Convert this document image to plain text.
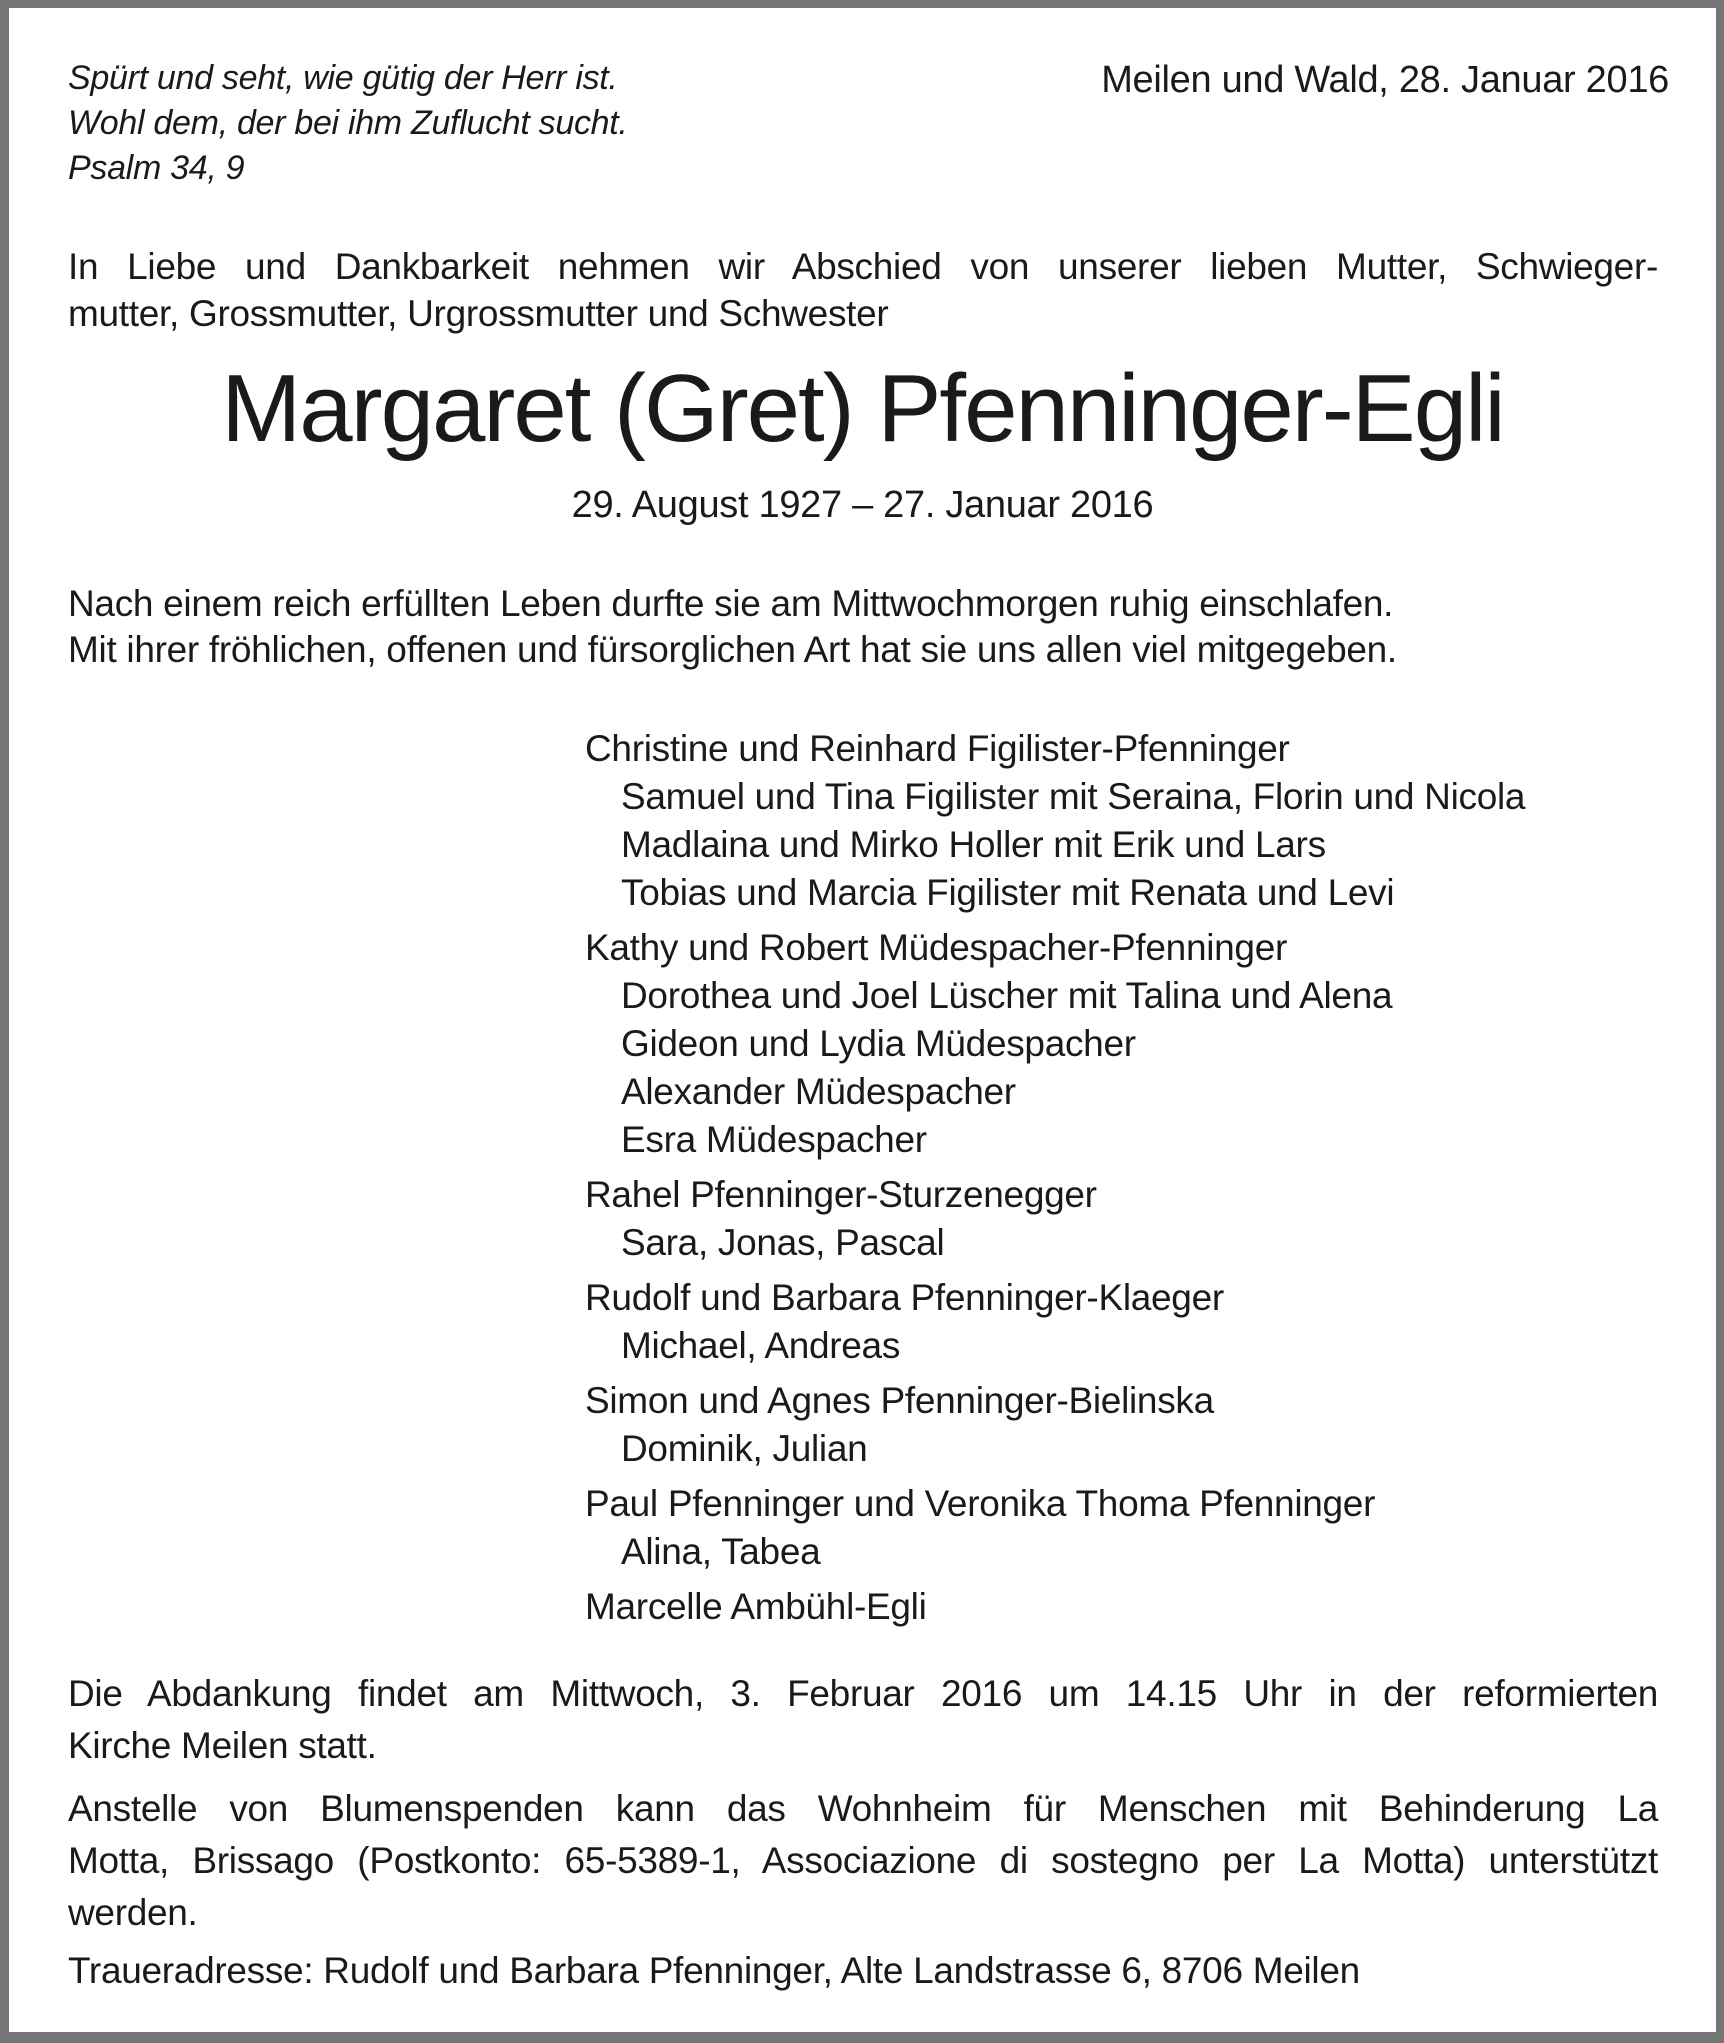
Spürt und seht, wie gütig der Herr ist.
Wohl dem, der bei ihm Zuflucht sucht.
Psalm 34, 9
Meilen und Wald, 28. Januar 2016
In Liebe und Dankbarkeit nehmen wir Abschied von unserer lieben Mutter, Schwieger-
mutter, Grossmutter, Urgrossmutter und Schwester
Margaret (Gret) Pfenninger-Egli
29. August 1927 – 27. Januar 2016
Nach einem reich erfüllten Leben durfte sie am Mittwochmorgen ruhig einschlafen.
Mit ihrer fröhlichen, offenen und fürsorglichen Art hat sie uns allen viel mitgegeben.
Christine und Reinhard Figilister-Pfenninger
Samuel und Tina Figilister mit Seraina, Florin und Nicola
Madlaina und Mirko Holler mit Erik und Lars
Tobias und Marcia Figilister mit Renata und Levi
Kathy und Robert Müdespacher-Pfenninger
Dorothea und Joel Lüscher mit Talina und Alena
Gideon und Lydia Müdespacher
Alexander Müdespacher
Esra Müdespacher
Rahel Pfenninger-Sturzenegger
Sara, Jonas, Pascal
Rudolf und Barbara Pfenninger-Klaeger
Michael, Andreas
Simon und Agnes Pfenninger-Bielinska
Dominik, Julian
Paul Pfenninger und Veronika Thoma Pfenninger
Alina, Tabea
Marcelle Ambühl-Egli
Die Abdankung findet am Mittwoch, 3. Februar 2016 um 14.15 Uhr in der reformierten
Kirche Meilen statt.
Anstelle von Blumenspenden kann das Wohnheim für Menschen mit Behinderung La
Motta, Brissago (Postkonto: 65-5389-1, Associazione di sostegno per La Motta) unterstützt
werden.
Traueradresse: Rudolf und Barbara Pfenninger, Alte Landstrasse 6, 8706 Meilen
